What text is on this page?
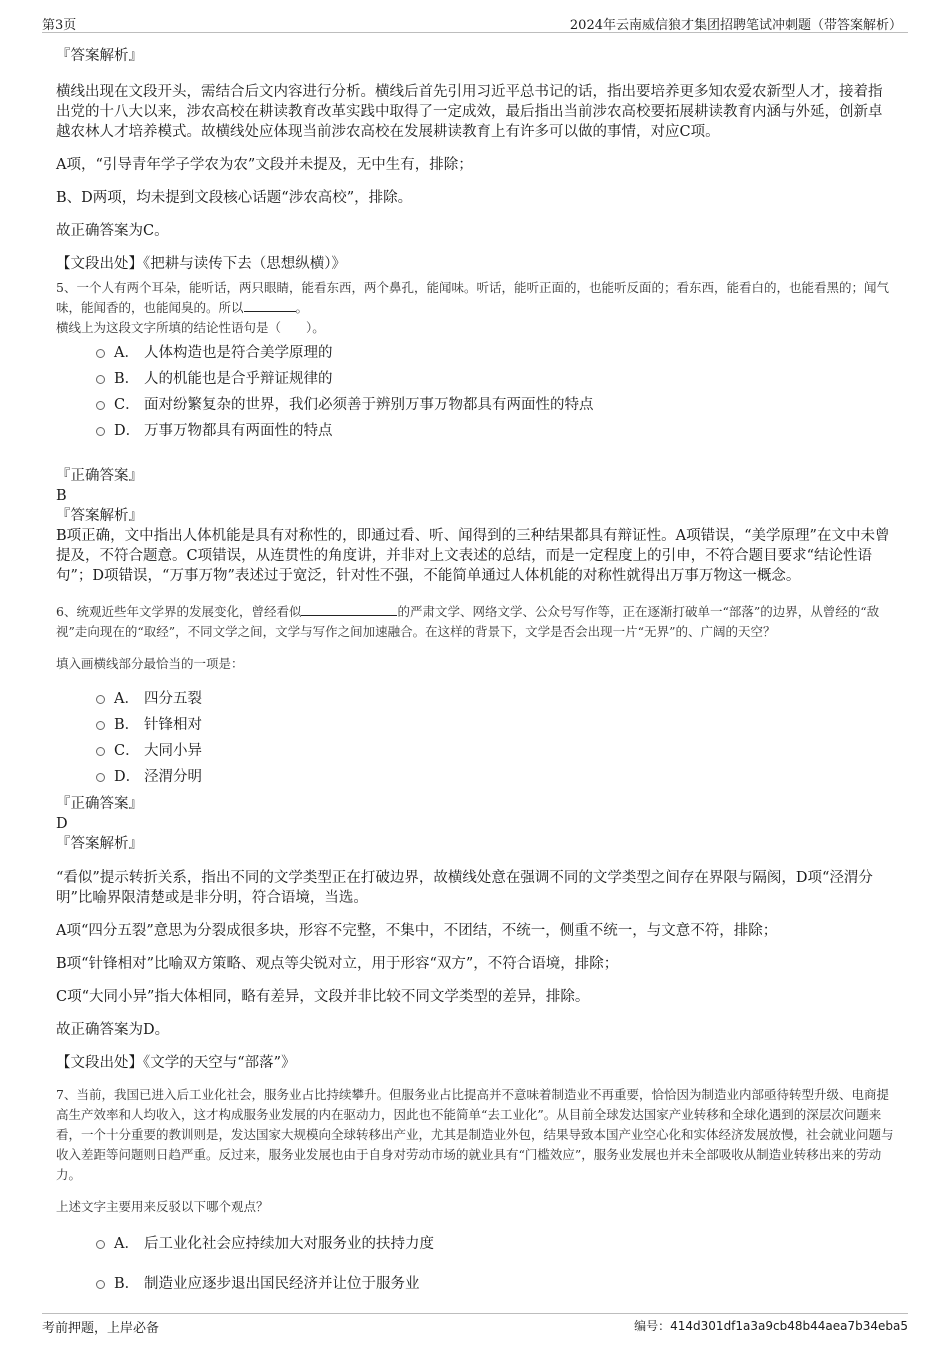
第3页	2024年云南威信狼才集团招聘笔试冲刺题（带答案解析）

『答案解析』

横线出现在文段开头，需结合后文内容进行分析。横线后首先引用习近平总书记的话，指出要培养更多知农爱农新型人才，接着指出党的十八大以来，涉农高校在耕读教育改革实践中取得了一定成效，最后指出当前涉农高校要拓展耕读教育内涵与外延，创新卓越农林人才培养模式。故横线处应体现当前涉农高校在发展耕读教育上有许多可以做的事情，对应C项。

A项，“引导青年学子学农为农”文段并未提及，无中生有，排除；

B、D两项，均未提到文段核心话题“涉农高校”，排除。

故正确答案为C。

【文段出处】《把耕与读传下去（思想纵横）》

5、一个人有两个耳朵，能听话，两只眼睛，能看东西，两个鼻孔，能闻味。听话，能听正面的，也能听反面的；看东西，能看白的，也能看黑的；闻气味，能闻香的，也能闻臭的。所以	。

横线上为这段文字所填的结论性语句是（　　）。

A． 人体构造也是符合美学原理的
B． 人的机能也是合乎辩证规律的
C． 面对纷繁复杂的世界，我们必须善于辨别万事万物都具有两面性的特点
D． 万事万物都具有两面性的特点

『正确答案』

B

『答案解析』

B项正确，文中指出人体机能是具有对称性的，即通过看、听、闻得到的三种结果都具有辩证性。A项错误，“美学原理”在文中未曾提及，不符合题意。C项错误，从连贯性的角度讲，并非对上文表述的总结，而是一定程度上的引申，不符合题目要求“结论性语句”；D项错误，“万事万物”表述过于宽泛，针对性不强，不能简单通过人体机能的对称性就得出万事万物这一概念。

6、统观近些年文学界的发展变化，曾经看似	的严肃文学、网络文学、公众号写作等，正在逐渐打破单一“部落”的边界，从曾经的“敌视”走向现在的“取经”，不同文学之间，文学与写作之间加速融合。在这样的背景下，文学是否会出现一片“无界”的、广阔的天空？

填入画横线部分最恰当的一项是：

A． 四分五裂
B． 针锋相对
C． 大同小异
D． 泾渭分明

『正确答案』

D

『答案解析』

“看似”提示转折关系，指出不同的文学类型正在打破边界，故横线处意在强调不同的文学类型之间存在界限与隔阂，D项“泾渭分明”比喻界限清楚或是非分明，符合语境，当选。

A项“四分五裂”意思为分裂成很多块，形容不完整，不集中，不团结，不统一，侧重不统一，与文意不符，排除；

B项“针锋相对”比喻双方策略、观点等尖锐对立，用于形容“双方”，不符合语境，排除；

C项“大同小异”指大体相同，略有差异，文段并非比较不同文学类型的差异，排除。

故正确答案为D。

【文段出处】《文学的天空与“部落”》

7、当前，我国已进入后工业化社会，服务业占比持续攀升。但服务业占比提高并不意味着制造业不再重要，恰恰因为制造业内部亟待转型升级、电商提高生产效率和人均收入，这才构成服务业发展的内在驱动力，因此也不能简单“去工业化”。从目前全球发达国家产业转移和全球化遇到的深层次问题来看，一个十分重要的教训则是，发达国家大规模向全球转移出产业，尤其是制造业外包，结果导致本国产业空心化和实体经济发展放慢，社会就业问题与收入差距等问题则日趋严重。反过来，服务业发展也由于自身对劳动市场的就业具有“门槛效应”，服务业发展也并未全部吸收从制造业转移出来的劳动力。

上述文字主要用来反驳以下哪个观点？

A． 后工业化社会应持续加大对服务业的扶持力度
B． 制造业应逐步退出国民经济并让位于服务业
考前押题，上岸必备	编号：414d301df1a3a9cb48b44aea7b34eba5
